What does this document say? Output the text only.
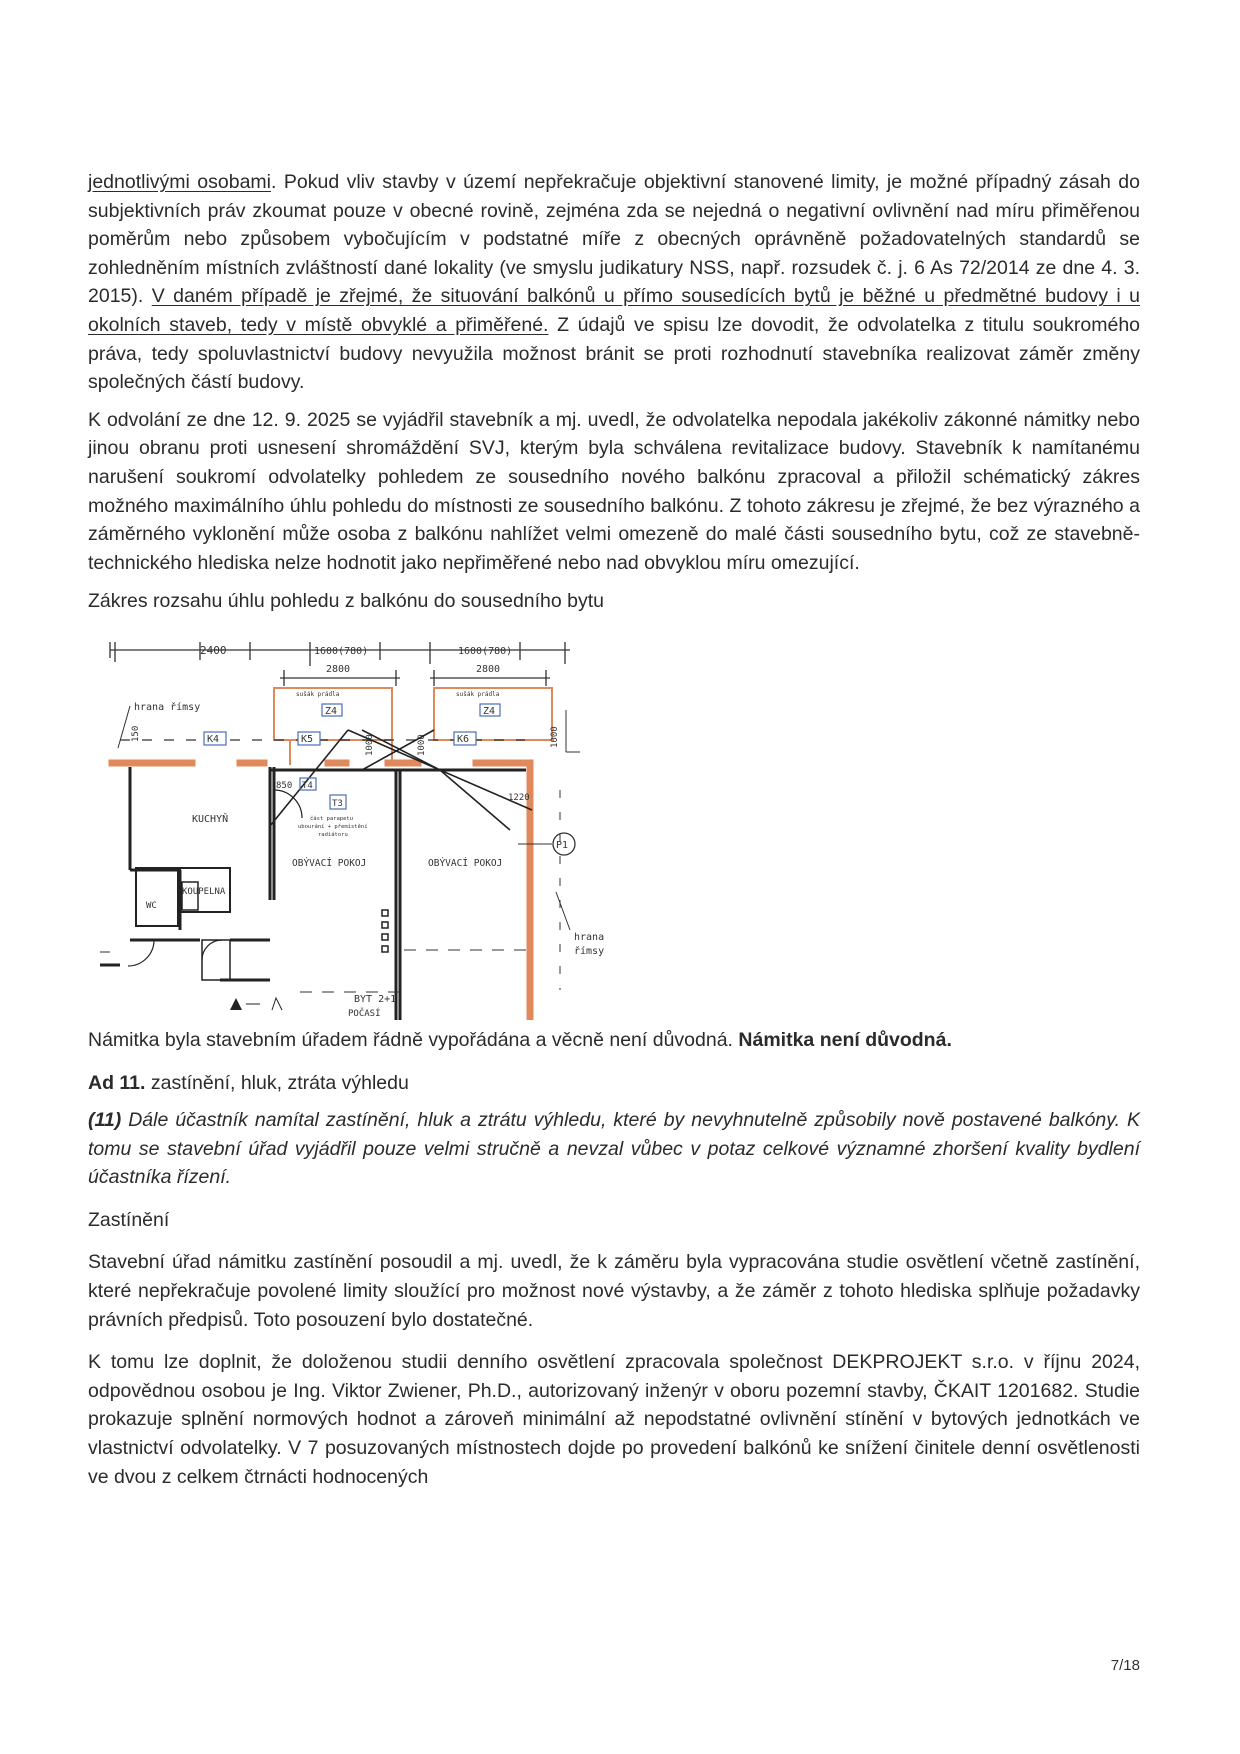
jednotlivými osobami. Pokud vliv stavby v území nepřekračuje objektivní stanovené limity, je možné případný zásah do subjektivních práv zkoumat pouze v obecné rovině, zejména zda se nejedná o negativní ovlivnění nad míru přiměřenou poměrům nebo způsobem vybočujícím v podstatné míře z obecných oprávněně požadovatelných standardů se zohledněním místních zvláštností dané lokality (ve smyslu judikatury NSS, např. rozsudek č. j. 6 As 72/2014 ze dne 4. 3. 2015). V daném případě je zřejmé, že situování balkónů u přímo sousedících bytů je běžné u předmětné budovy i u okolních staveb, tedy v místě obvyklé a přiměřené. Z údajů ve spisu lze dovodit, že odvolatelka z titulu soukromého práva, tedy spoluvlastnictví budovy nevyužila možnost bránit se proti rozhodnutí stavebníka realizovat záměr změny společných částí budovy.

K odvolání ze dne 12. 9. 2025 se vyjádřil stavebník a mj. uvedl, že odvolatelka nepodala jakékoliv zákonné námitky nebo jinou obranu proti usnesení shromáždění SVJ, kterým byla schválena revitalizace budovy. Stavebník k namítanému narušení soukromí odvolatelky pohledem ze sousedního nového balkónu zpracoval a přiložil schématický zákres možného maximálního úhlu pohledu do místnosti ze sousedního balkónu. Z tohoto zákresu je zřejmé, že bez výrazného a záměrného vyklonění může osoba z balkónu nahlížet velmi omezeně do malé části sousedního bytu, což ze stavebně-technického hlediska nelze hodnotit jako nepřiměřené nebo nad obvyklou míru omezující.

Zákres rozsahu úhlu pohledu z balkónu do sousedního bytu

2400	1600(780)	1600(780)
2800	2800
sušák prádla	sušák prádla
Z4	Z4
hrana římsy
150	K4	K5	K6
1000	1000	1000
850 T4
T3
část parapetu
ubourání + přemístění
radiátoru
1220
KUCHYŇ
OBÝVACÍ POKOJ	OBÝVACÍ POKOJ
KOUPELNA
WC
P1
hrana
římsy
BYT 2+1
POČASÍ

Námitka byla stavebním úřadem řádně vypořádána a věcně není důvodná. Námitka není důvodná.

Ad 11. zastínění, hluk, ztráta výhledu

(11) Dále účastník namítal zastínění, hluk a ztrátu výhledu, které by nevyhnutelně způsobily nově postavené balkóny. K tomu se stavební úřad vyjádřil pouze velmi stručně a nevzal vůbec v potaz celkové významné zhoršení kvality bydlení účastníka řízení.

Zastínění

Stavební úřad námitku zastínění posoudil a mj. uvedl, že k záměru byla vypracována studie osvětlení včetně zastínění, které nepřekračuje povolené limity sloužící pro možnost nové výstavby, a že záměr z tohoto hlediska splňuje požadavky právních předpisů. Toto posouzení bylo dostatečné.

K tomu lze doplnit, že doloženou studii denního osvětlení zpracovala společnost DEKPROJEKT s.r.o. v říjnu 2024, odpovědnou osobou je Ing. Viktor Zwiener, Ph.D., autorizovaný inženýr v oboru pozemní stavby, ČKAIT 1201682. Studie prokazuje splnění normových hodnot a zároveň minimální až nepodstatné ovlivnění stínění v bytových jednotkách ve vlastnictví odvolatelky. V 7 posuzovaných místnostech dojde po provedení balkónů ke snížení činitele denní osvětlenosti ve dvou z celkem čtrnácti hodnocených

7/18
